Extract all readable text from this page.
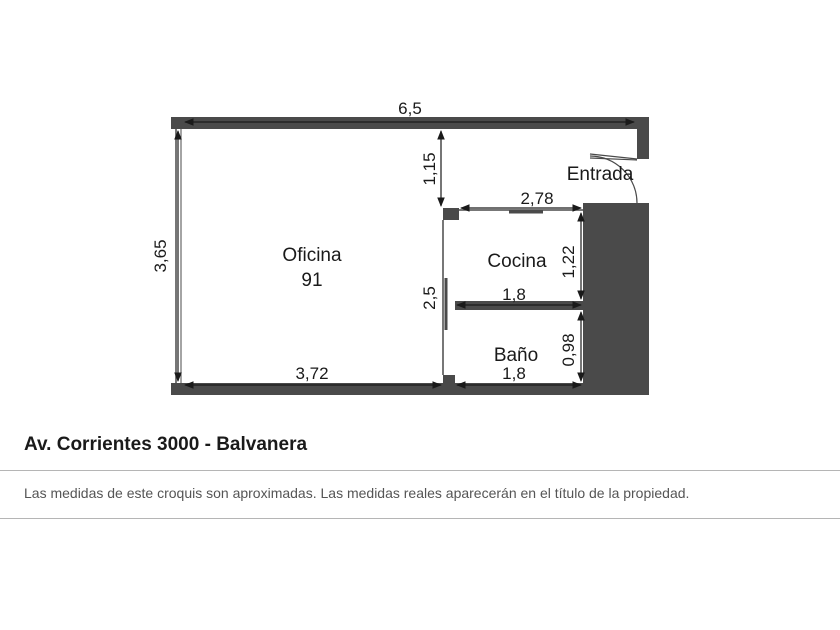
6,5
3,65
1,15
2,78
1,22
2,5	1,8
0,98
1,8
3,72
Oficina
91
Cocina
Baño
Entrada
Av. Corrientes 3000 - Balvanera

Las medidas de este croquis son aproximadas. Las medidas reales aparecerán en el título de la propiedad.
